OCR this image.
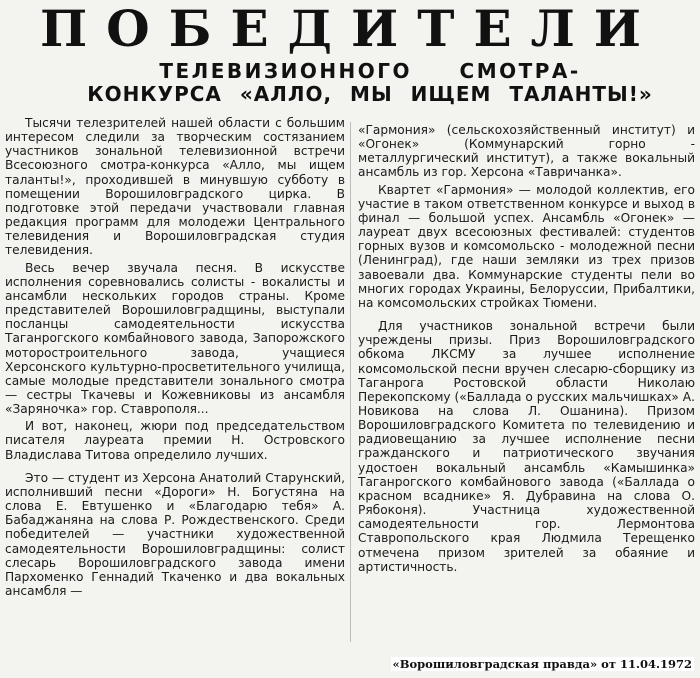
ПОБЕДИТЕЛИ
ТЕЛЕВИЗИОННОГО СМОТРА-
КОНКУРСА «АЛЛО, МЫ ИЩЕМ ТАЛАНТЫ!»

Тысячи телезрителей нашей области с большим интересом следили за творческим состязанием участников зональной телевизионной встречи Всесоюзного смотра-конкурса «Алло, мы ищем таланты!», проходившей в минувшую субботу в помещении Ворошиловградского цирка. В подготовке этой передачи участвовали главная редакция программ для молодежи Центрального телевидения и Ворошиловградская студия телевидения.

Весь вечер звучала песня. В искусстве исполнения соревновались солисты - вокалисты и ансамбли нескольких городов страны. Кроме представителей Ворошиловградщины, выступали посланцы самодеятельности искусства Таганрогского комбайнового завода, Запорожского моторостроительного завода, учащиеся Херсонского культурно-просветительного училища, самые молодые представители зонального смотра — сестры Ткачевы и Кожевниковы из ансамбля «Заряночка» гор. Ставрополя...

И вот, наконец, жюри под председательством писателя лауреата премии Н. Островского Владислава Титова определило лучших.

Это — студент из Херсона Анатолий Старунский, исполнивший песни «Дороги» Н. Богустяна на слова Е. Евтушенко и «Благодарю тебя» А. Бабаджаняна на слова Р. Рождественского. Среди победителей — участники художественной самодеятельности Ворошиловградщины: солист слесарь Ворошиловградского завода имени Пархоменко Геннадий Ткаченко и два вокальных ансамбля —

«Гармония» (сельскохозяйственный институт) и «Огонек» (Коммунарский горно - металлургический институт), а также вокальный ансамбль из гор. Херсона «Тавричанка».

Квартет «Гармония» — молодой коллектив, его участие в таком ответственном конкурсе и выход в финал — большой успех. Ансамбль «Огонек» — лауреат двух всесоюзных фестивалей: студентов горных вузов и комсомольско - молодежной песни (Ленинград), где наши земляки из трех призов завоевали два. Коммунарские студенты пели во многих городах Украины, Белоруссии, Прибалтики, на комсомольских стройках Тюмени.

Для участников зональной встречи были учреждены призы. Приз Ворошиловградского обкома ЛКСМУ за лучшее исполнение комсомольской песни вручен слесарю-сборщику из Таганрога Ростовской области Николаю Перекопскому («Баллада о русских мальчишках» А. Новикова на слова Л. Ошанина). Призом Ворошиловградского Комитета по телевидению и радиовещанию за лучшее исполнение песни гражданского и патриотического звучания удостоен вокальный ансамбль «Камышинка» Таганрогского комбайнового завода («Баллада о красном всаднике» Я. Дубравина на слова О. Рябоконя). Участница художественной самодеятельности гор. Лермонтова Ставропольского края Людмила Терещенко отмечена призом зрителей за обаяние и артистичность.

«Ворошиловградская правда» от 11.04.1972
